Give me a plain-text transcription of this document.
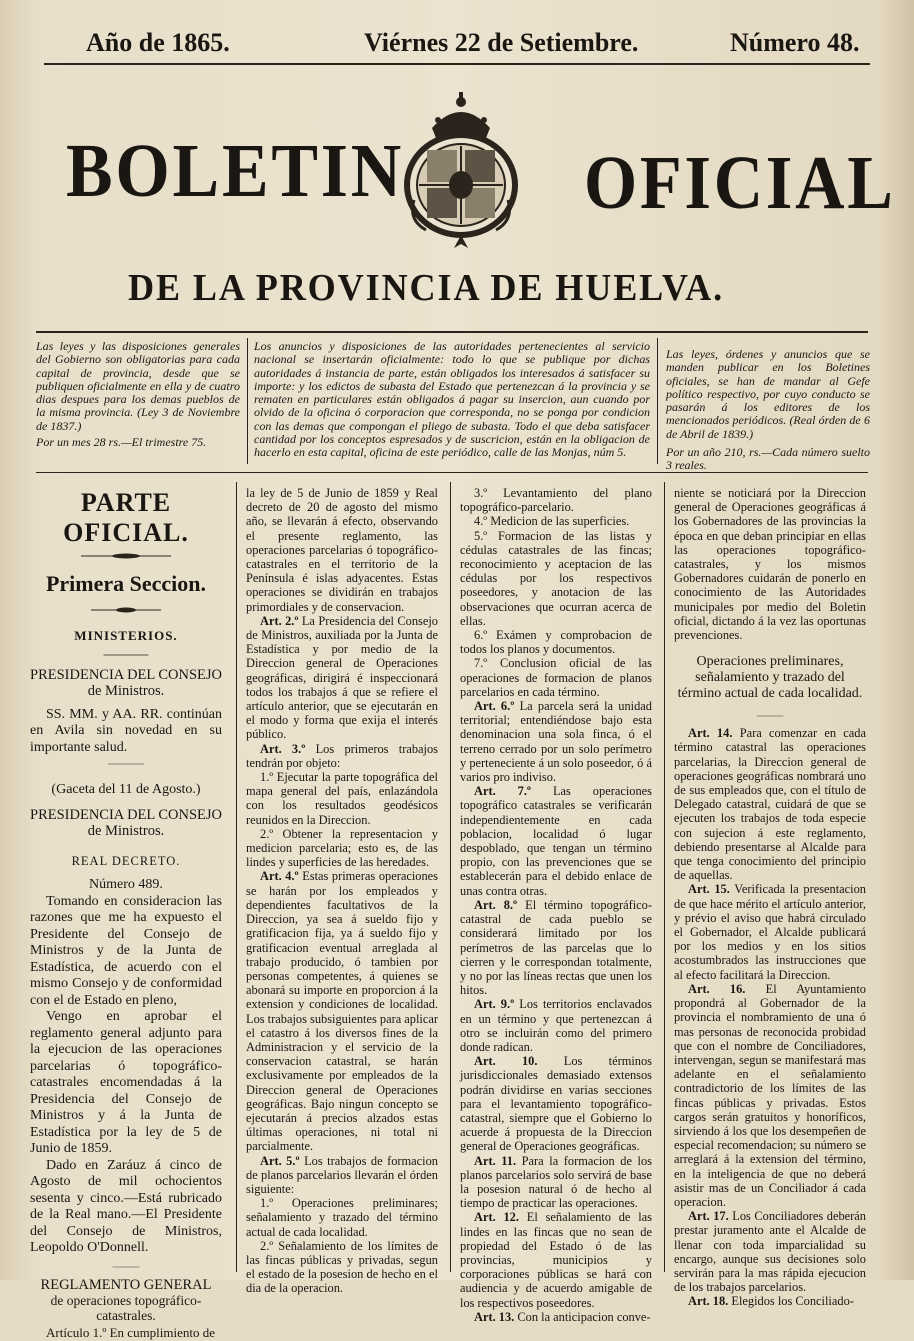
Año de 1865.	Viérnes 22 de Setiembre.	Número 48.
BOLETIN OFICIAL
DE LA PROVINCIA DE HUELVA.
Las leyes y las disposiciones generales del Gobierno son obligatorias para cada capital de provincia, desde que se publiquen oficialmente en ella y de cuatro dias despues para los demas pueblos de la misma provincia. (Ley 3 de Noviembre de 1837.)
Por un mes 28 rs.—El trimestre 75.
Los anuncios y disposiciones de las autoridades pertenecientes al servicio nacional se insertarán oficialmente: todo lo que se publique por dichas autoridades á instancia de parte, están obligados los interesados á satisfacer su importe: y los edictos de subasta del Estado que pertenezcan á la provincia y se rematen en particulares están obligados á pagar su insercion, aun cuando por olvido de la oficina ó corporacion que corresponda, no se ponga por condicion con las demas que compongan el pliego de subasta. Todo el que deba satisfacer cantidad por los conceptos espresados y de suscricion, están en la obligacion de hacerlo en esta capital, oficina de este periódico, calle de las Monjas, núm 5.
Las leyes, órdenes y anuncios que se manden publicar en los Boletines oficiales, se han de mandar al Gefe político respectivo, por cuyo conducto se pasarán á los editores de los mencionados periódicos. (Real órden de 6 de Abril de 1839.)
Por un año 210, rs.—Cada número suelto 3 reales.
PARTE OFICIAL.
Primera Seccion.
MINISTERIOS.
PRESIDENCIA DEL CONSEJO de Ministros.

SS. MM. y AA. RR. continúan en Avila sin novedad en su importante salud.

(Gaceta del 11 de Agosto.)

PRESIDENCIA DEL CONSEJO de Ministros.
REAL DECRETO.

Número 489.

Tomando en consideracion las razones que me ha expuesto el Presidente del Consejo de Ministros y de la Junta de Estadística, de acuerdo con el mismo Consejo y de conformidad con el de Estado en pleno,

Vengo en aprobar el reglamento general adjunto para la ejecucion de las operaciones parcelarias ó topográfico-catastrales encomendadas á la Presidencia del Consejo de Ministros y á la Junta de Estadística por la ley de 5 de Junio de 1859.

Dado en Zaráuz á cinco de Agosto de mil ochocientos sesenta y cinco.—Está rubricado de la Real mano.—El Presidente del Consejo de Ministros, Leopoldo O'Donnell.

REGLAMENTO GENERAL
de operaciones topográfico-catastrales.

Artículo 1.º En cumplimiento de

la ley de 5 de Junio de 1859 y Real decreto de 20 de agosto del mismo año, se llevarán á efecto, observando el presente reglamento, las operaciones parcelarias ó topográfico-catastrales en el territorio de la Península é islas adyacentes. Estas operaciones se dividirán en trabajos primordiales y de conservacion.

Art. 2.º La Presidencia del Consejo de Ministros, auxiliada por la Junta de Estadística y por medio de la Direccion general de Operaciones geográficas, dirigirá é inspeccionará todos los trabajos á que se refiere el artículo anterior, que se ejecutarán en el modo y forma que exija el interés público.

Art. 3.º Los primeros trabajos tendrán por objeto:

1.º Ejecutar la parte topográfica del mapa general del país, enlazándola con los resultados geodésicos reunidos en la Direccion.

2.º Obtener la representacion y medicion parcelaria; esto es, de las lindes y superficies de las heredades.

Art. 4.º Estas primeras operaciones se harán por los empleados y dependientes facultativos de la Direccion, ya sea á sueldo fijo y gratificacion fija, ya á sueldo fijo y gratificacion eventual arreglada al trabajo producido, ó tambien por personas competentes, á quienes se abonará su importe en proporcion á la extension y condiciones de localidad. Los trabajos subsiguientes para aplicar el catastro á los diversos fines de la Administracion y el servicio de la conservacion catastral, se harán exclusivamente por empleados de la Direccion general de Operaciones geográficas. Bajo ningun concepto se ejecutarán á precios alzados estas últimas operaciones, ni total ni parcialmente.

Art. 5.º Los trabajos de formacion de planos parcelarios llevarán el órden siguiente:

1.º Operaciones preliminares; señalamiento y trazado del término actual de cada localidad.

2.º Señalamiento de los límites de las fincas públicas y privadas, segun el estado de la posesion de hecho en el dia de la operacion.

3.º Levantamiento del plano topográfico-parcelario.

4.º Medicion de las superficies.

5.º Formacion de las listas y cédulas catastrales de las fincas; reconocimiento y aceptacion de las cédulas por los respectivos poseedores, y anotacion de las observaciones que ocurran acerca de ellas.

6.º Exámen y comprobacion de todos los planos y documentos.

7.º Conclusion oficial de las operaciones de formacion de planos parcelarios en cada término.

Art. 6.º La parcela será la unidad territorial; entendiéndose bajo esta denominacion una sola finca, ó el terreno cerrado por un solo perímetro y perteneciente á un solo poseedor, ó á varios pro indiviso.

Art. 7.º Las operaciones topográfico catastrales se verificarán independientemente en cada poblacion, localidad ó lugar despoblado, que tengan un término propio, con las prevenciones que se establecerán para el debido enlace de unas contra otras.

Art. 8.º El término topográfico-catastral de cada pueblo se considerará limitado por los perímetros de las parcelas que lo cierren y le correspondan totalmente, y no por las líneas rectas que unen los hitos.

Art. 9.º Los territorios enclavados en un término y que pertenezcan á otro se incluirán como del primero donde radican.

Art. 10. Los términos jurisdiccionales demasiado extensos podrán dividirse en varias secciones para el levantamiento topográfico-catastral, siempre que el Gobierno lo acuerde á propuesta de la Direccion general de Operaciones geográficas.

Art. 11. Para la formacion de los planos parcelarios solo servirá de base la posesion natural ó de hecho al tiempo de practicar las operaciones.

Art. 12. El señalamiento de las lindes en las fincas que no sean de propiedad del Estado ó de las provincias, municipios y corporaciones públicas se hará con audiencia y de acuerdo amigable de los respectivos poseedores.

Art. 13. Con la anticipacion conve-

niente se noticiará por la Direccion general de Operaciones geográficas á los Gobernadores de las provincias la época en que deban principiar en ellas las operaciones topográfico-catastrales, y los mismos Gobernadores cuidarán de ponerlo en conocimiento de las Autoridades municipales por medio del Boletin oficial, dictando á la vez las oportunas prevenciones.

Operaciones preliminares, señalamiento y trazado del término actual de cada localidad.

Art. 14. Para comenzar en cada término catastral las operaciones parcelarias, la Direccion general de operaciones geográficas nombrará uno de sus empleados que, con el título de Delegado catastral, cuidará de que se ejecuten los trabajos de toda especie con sujecion á este reglamento, debiendo presentarse al Alcalde para que tenga conocimiento del principio de aquellas.

Art. 15. Verificada la presentacion de que hace mérito el artículo anterior, y prévio el aviso que habrá circulado el Gobernador, el Alcalde publicará por los medios y en los sitios acostumbrados las instrucciones que al efecto facilitará la Direccion.

Art. 16. El Ayuntamiento propondrá al Gobernador de la provincia el nombramiento de una ó mas personas de reconocida probidad que con el nombre de Conciliadores, intervengan, segun se manifestará mas adelante en el señalamiento contradictorio de los límites de las fincas públicas y privadas. Estos cargos serán gratuitos y honoríficos, sirviendo á los que los desempeñen de especial recomendacion; su número se arreglará á la extension del término, en la inteligencia de que no deberá asistir mas de un Conciliador á cada operacion.

Art. 17. Los Conciliadores deberán prestar juramento ante el Alcalde de llenar con toda imparcialidad su encargo, aunque sus decisiones solo servirán para la mas rápida ejecucion de los trabajos parcelarios.

Art. 18. Elegidos los Conciliado-
